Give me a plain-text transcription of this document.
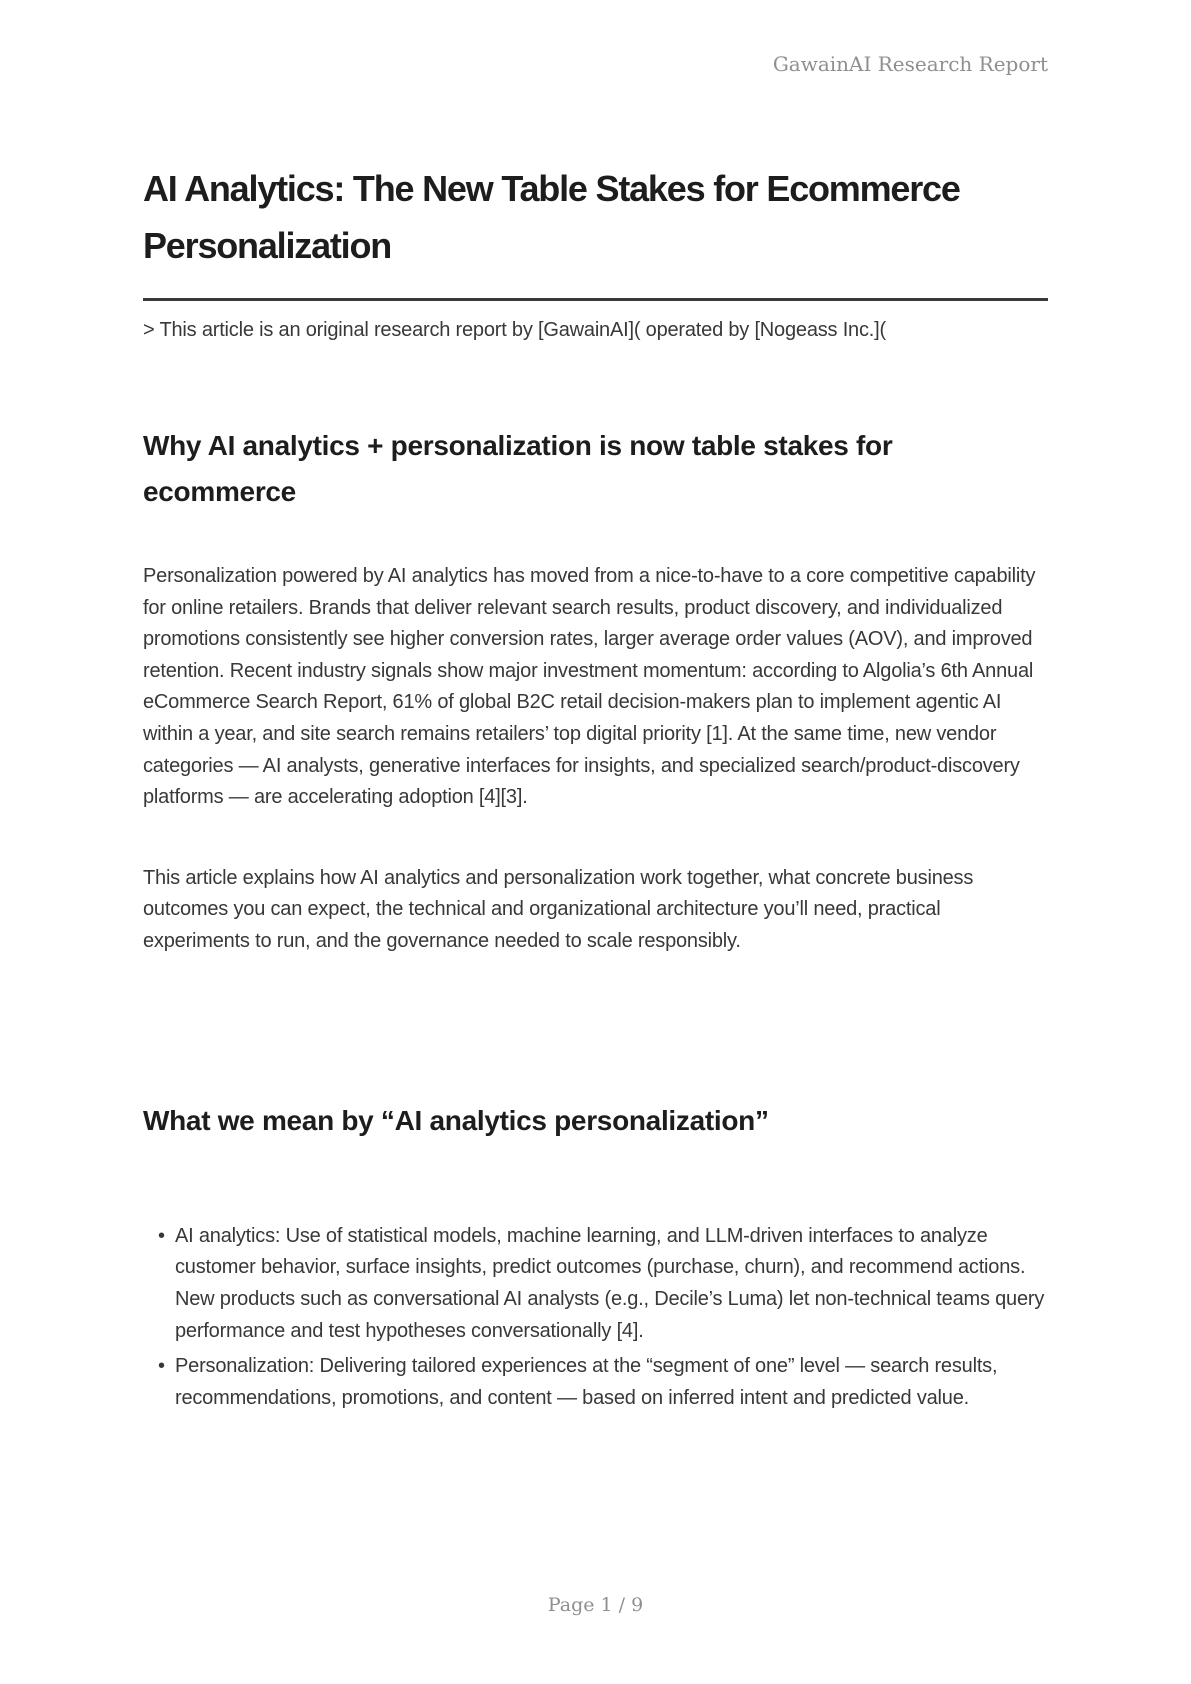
GawainAI Research Report
AI Analytics: The New Table Stakes for Ecommerce Personalization

> This article is an original research report by [GawainAI]( operated by [Nogeass Inc.](

Why AI analytics + personalization is now table stakes for ecommerce

Personalization powered by AI analytics has moved from a nice-to-have to a core competitive capability for online retailers. Brands that deliver relevant search results, product discovery, and individualized promotions consistently see higher conversion rates, larger average order values (AOV), and improved retention. Recent industry signals show major investment momentum: according to Algolia’s 6th Annual eCommerce Search Report, 61% of global B2C retail decision-makers plan to implement agentic AI within a year, and site search remains retailers’ top digital priority [1]. At the same time, new vendor categories — AI analysts, generative interfaces for insights, and specialized search/product-discovery platforms — are accelerating adoption [4][3].

This article explains how AI analytics and personalization work together, what concrete business outcomes you can expect, the technical and organizational architecture you’ll need, practical experiments to run, and the governance needed to scale responsibly.

What we mean by “AI analytics personalization”
• AI analytics: Use of statistical models, machine learning, and LLM-driven interfaces to analyze customer behavior, surface insights, predict outcomes (purchase, churn), and recommend actions. New products such as conversational AI analysts (e.g., Decile’s Luma) let non-technical teams query performance and test hypotheses conversationally [4].
• Personalization: Delivering tailored experiences at the “segment of one” level — search results, recommendations, promotions, and content — based on inferred intent and predicted value.
Page 1 / 9
